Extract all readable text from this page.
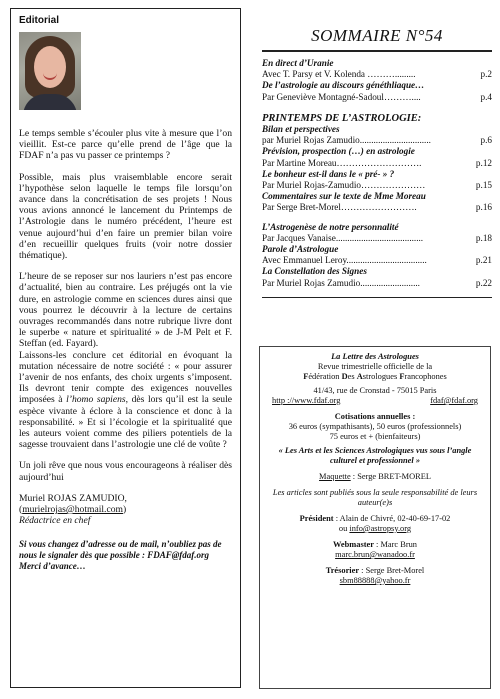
Editorial

Le temps semble s’écouler plus vite à mesure que l’on vieillit. Est-ce parce qu’elle prend de l’âge que la FDAF n’a pas vu passer ce printemps ?

Possible, mais plus vraisemblable encore serait l’hypothèse selon laquelle le temps file lorsqu’on avance dans la concrétisation de ses projets ! Nous vous avions annoncé le lancement du Printemps de l’Astrologie dans le numéro précédent, l’heure est venue aujourd’hui d’en faire un premier bilan voire d’en recueillir quelques fruits (voir notre dossier thématique).

L’heure de se reposer sur nos lauriers n’est pas encore d’actualité, bien au contraire. Les préjugés ont la vie dure, en astrologie comme en sciences dures ainsi que vous pourrez le découvrir à la lecture de certains ouvrages recommandés dans notre rubrique livre dont le superbe « nature et spiritualité » de J-M Pelt et F. Steffan (ed. Fayard).

Laissons-les conclure cet éditorial en évoquant la mutation nécessaire de notre société : « pour assurer l’avenir de nos enfants, des choix urgents s’imposent. Ils devront tenir compte des exigences nouvelles imposées à l’homo sapiens, dès lors qu’il est la seule espèce vivante à éclore à la conscience et donc à la responsabilité. » Et si l’écologie et la spiritualité que les auteurs voient comme des piliers potentiels de la sagesse trouvaient dans l’astrologie une clé de voûte ?

Un joli rêve que nous vous encourageons à réaliser dès aujourd’hui

Muriel ROJAS ZAMUDIO,
(murielrojas@hotmail.com)
Rédactrice en chef

Si vous changez d’adresse ou de mail, n’oubliez pas de nous le signaler dès que possible : FDAF@fdaf.org Merci d’avance…

SOMMAIRE N°54
En direct d’Uranie
Avec T. Parsy et V. Kolenda ……….........	p.2
De l’astrologie au discours généthliaque…
Par Geneviève Montagné-Sadoul………....	p.4
PRINTEMPS DE L’ASTROLOGIE:
Bilan et perspectives
par Muriel Rojas Zamudio...............................	p.6
Prévision, prospection (…) en astrologie
Par Martine Moreau……………………….	p.12
Le bonheur est-il dans le « pré- » ?
Par Muriel Rojas-Zamudio…………………	p.15
Commentaires sur le texte de Mme Moreau
Par Serge Bret-Morel…………………….	p.16
L’Astrogenèse de notre personnalité
Par Jacques Vanaise......................................	p.18
Parole d’Astrologue
Avec Emmanuel Leroy...................................	p.21
La Constellation des Signes
Par Muriel Rojas Zamudio..........................	p.22
La Lettre des Astrologues
Revue trimestrielle officielle de la
Fédération Des Astrologues Francophones
41/43, rue de Cronstad - 75015 Paris
http ://www.fdaf.org	fdaf@fdaf.org
Cotisations annuelles :
36 euros (sympathisants), 50 euros (professionnels)
75 euros et + (bienfaiteurs)
« Les Arts et les Sciences Astrologiques vus sous l’angle culturel et professionnel »
Maquette : Serge BRET-MOREL
Les articles sont publiés sous la seule responsabilité de leurs auteur(e)s
Président : Alain de Chivré, 02-40-69-17-02
ou info@astropsy.org
Webmaster : Marc Brun
marc.brun@wanadoo.fr
Trésorier : Serge Bret-Morel
sbm88888@yahoo.fr
